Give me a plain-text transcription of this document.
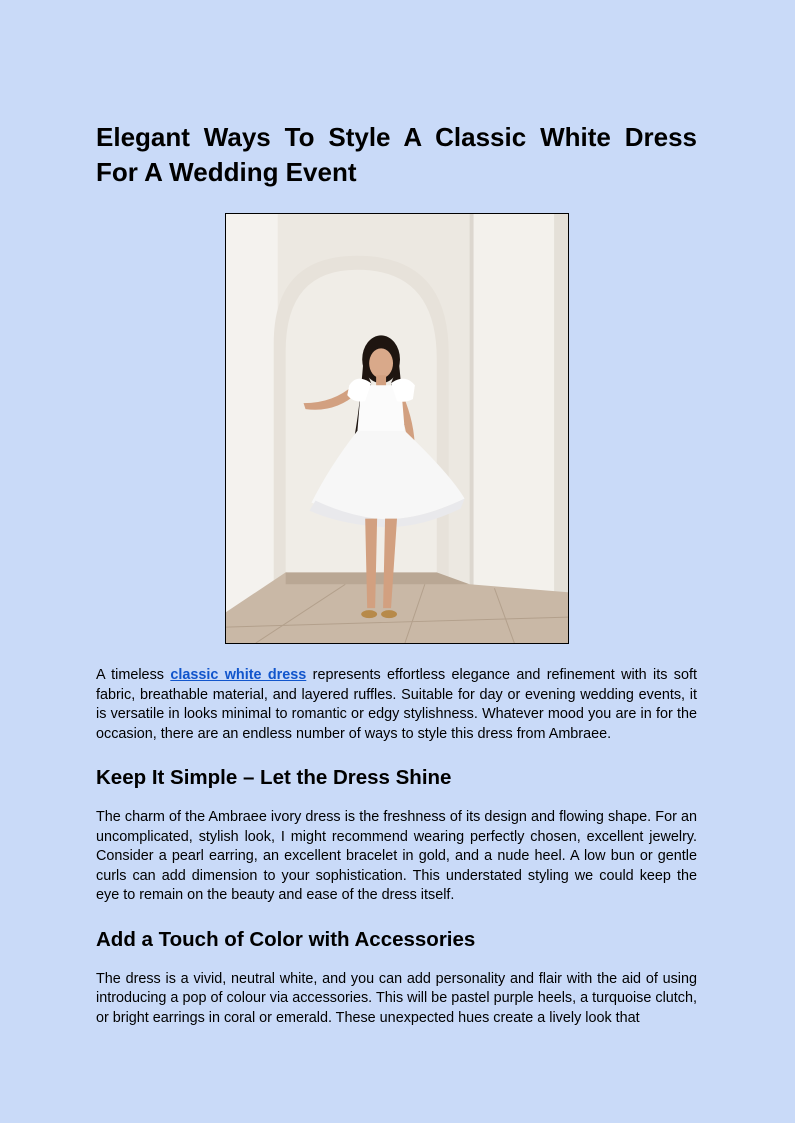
Elegant Ways To Style A Classic White Dress For A Wedding Event

A timeless classic white dress represents effortless elegance and refinement with its soft fabric, breathable material, and layered ruffles. Suitable for day or evening wedding events, it is versatile in looks minimal to romantic or edgy stylishness. Whatever mood you are in for the occasion, there are an endless number of ways to style this dress from Ambraee.

Keep It Simple – Let the Dress Shine

The charm of the Ambraee ivory dress is the freshness of its design and flowing shape. For an uncomplicated, stylish look, I might recommend wearing perfectly chosen, excellent jewelry. Consider a pearl earring, an excellent bracelet in gold, and a nude heel. A low bun or gentle curls can add dimension to your sophistication. This understated styling we could keep the eye to remain on the beauty and ease of the dress itself.

Add a Touch of Color with Accessories

The dress is a vivid, neutral white, and you can add personality and flair with the aid of using introducing a pop of colour via accessories. This will be pastel purple heels, a turquoise clutch, or bright earrings in coral or emerald. These unexpected hues create a lively look that
